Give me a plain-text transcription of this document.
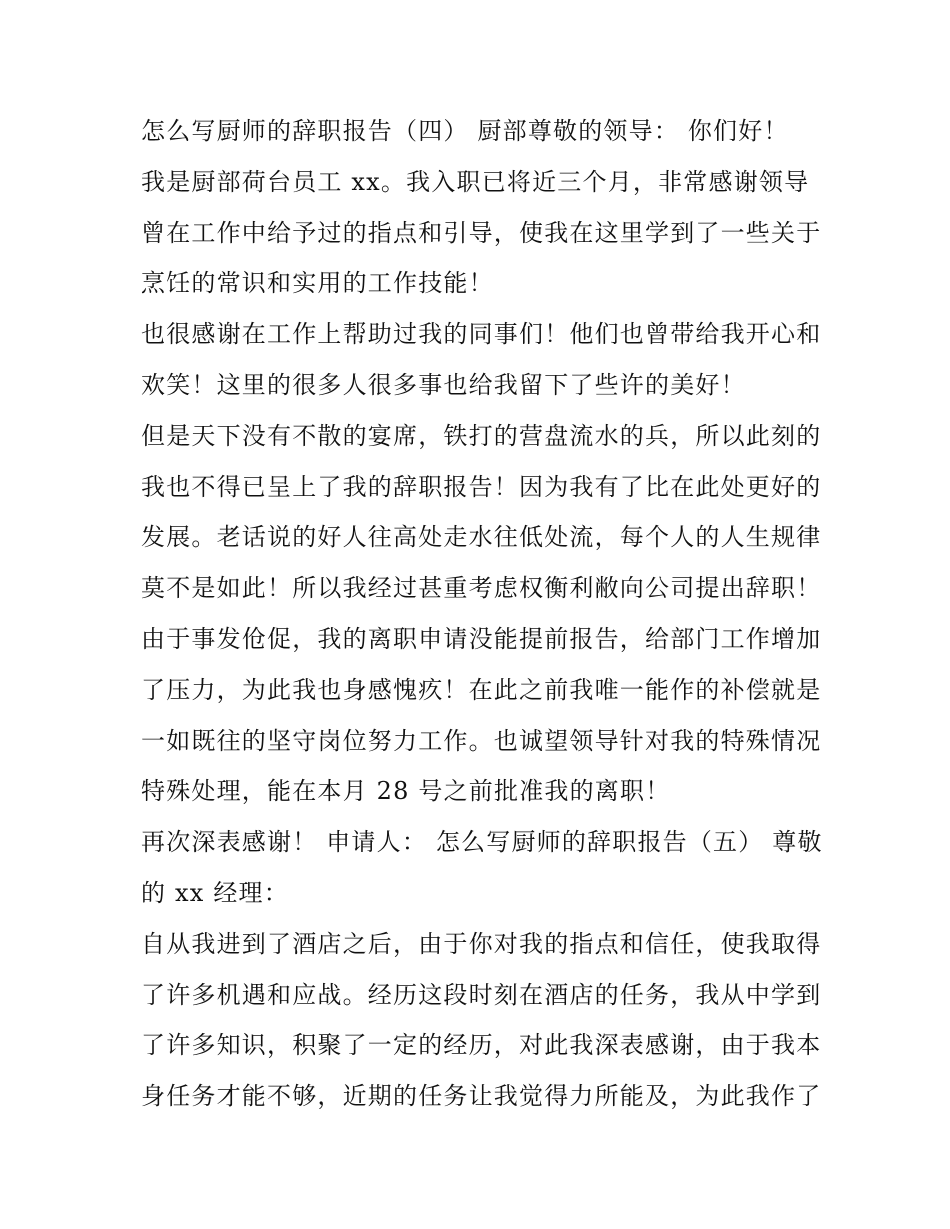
怎么写厨师的辞职报告（四） 厨部尊敬的领导： 你们好！
我是厨部荷台员工 xx。我入职已将近三个月，非常感谢领导
曾在工作中给予过的指点和引导，使我在这里学到了一些关于
烹饪的常识和实用的工作技能！
也很感谢在工作上帮助过我的同事们！他们也曾带给我开心和
欢笑！这里的很多人很多事也给我留下了些许的美好！
但是天下没有不散的宴席，铁打的营盘流水的兵，所以此刻的
我也不得已呈上了我的辞职报告！因为我有了比在此处更好的
发展。老话说的好人往高处走水往低处流，每个人的人生规律
莫不是如此！所以我经过甚重考虑权衡利敝向公司提出辞职！
由于事发伧促，我的离职申请没能提前报告，给部门工作增加
了压力，为此我也身感愧疚！在此之前我唯一能作的补偿就是
一如既往的坚守岗位努力工作。也诚望领导针对我的特殊情况
特殊处理，能在本月 28 号之前批准我的离职！
再次深表感谢！ 申请人： 怎么写厨师的辞职报告（五） 尊敬
的 xx 经理：
自从我进到了酒店之后，由于你对我的指点和信任，使我取得
了许多机遇和应战。经历这段时刻在酒店的任务，我从中学到
了许多知识，积聚了一定的经历，对此我深表感谢，由于我本
身任务才能不够，近期的任务让我觉得力所能及，为此我作了
